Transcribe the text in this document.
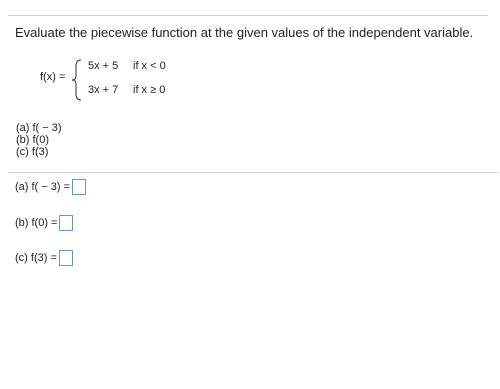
Evaluate the piecewise function at the given values of the independent variable.
f(x) =
5x + 5 if x < 0
3x + 7 if x ≥ 0
(a) f( − 3)
(b) f(0)
(c) f(3)
(a) f( − 3) =
(b) f(0) =
(c) f(3) =
